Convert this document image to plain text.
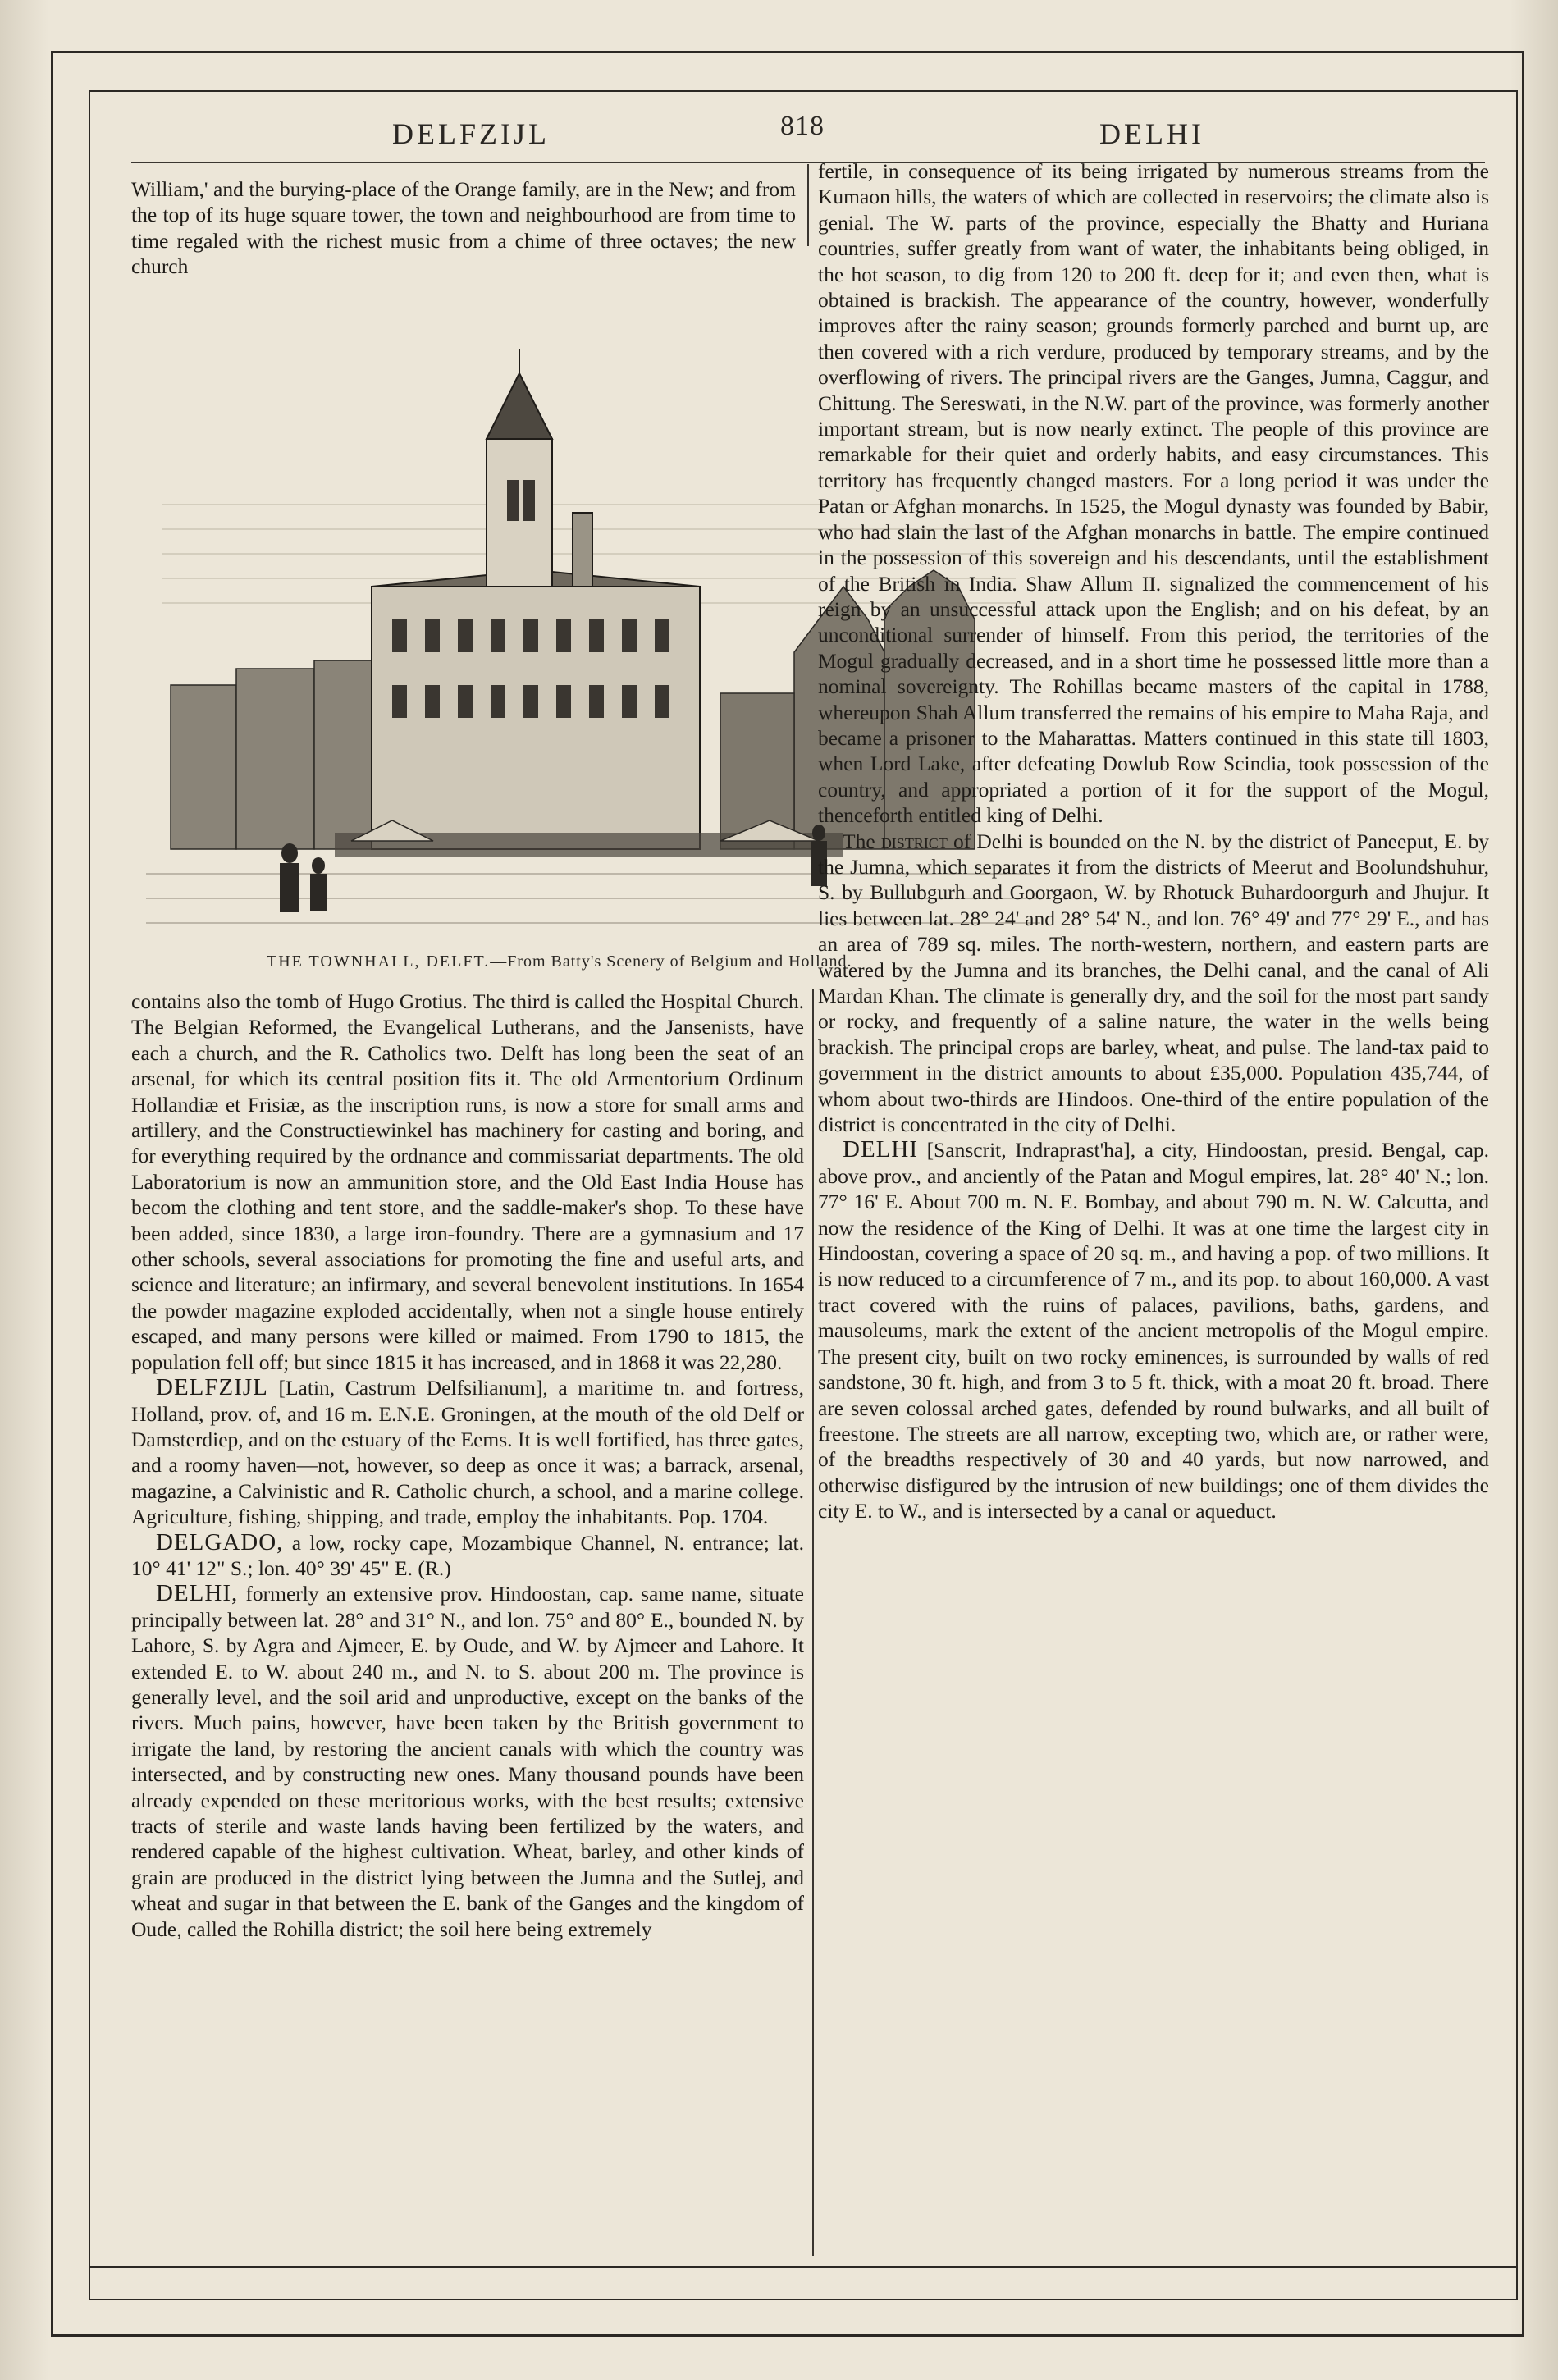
DELFZIJL	818	DELHI

William,' and the burying-place of the Orange family, are in the New; and from the top of its huge square tower, the town and neighbourhood are from time to time regaled with the richest music from a chime of three octaves; the new church

THE TOWNHALL, DELFT.—From Batty's Scenery of Belgium and Holland.

contains also the tomb of Hugo Grotius. The third is called the Hospital Church. The Belgian Reformed, the Evangelical Lutherans, and the Jansenists, have each a church, and the R. Catholics two. Delft has long been the seat of an arsenal, for which its central position fits it. The old Armentorium Ordinum Hollandiæ et Frisiæ, as the inscription runs, is now a store for small arms and artillery, and the Constructiewinkel has machinery for casting and boring, and for everything required by the ordnance and commissariat departments. The old Laboratorium is now an ammunition store, and the Old East India House has becom the clothing and tent store, and the saddle-maker's shop. To these have been added, since 1830, a large iron-foundry. There are a gymnasium and 17 other schools, several associations for promoting the fine and useful arts, and science and literature; an infirmary, and several benevolent institutions. In 1654 the powder magazine exploded accidentally, when not a single house entirely escaped, and many persons were killed or maimed. From 1790 to 1815, the population fell off; but since 1815 it has increased, and in 1868 it was 22,280.

DELFZIJL [Latin, Castrum Delfsilianum], a maritime tn. and fortress, Holland, prov. of, and 16 m. E.N.E. Groningen, at the mouth of the old Delf or Damsterdiep, and on the estuary of the Eems. It is well fortified, has three gates, and a roomy haven—not, however, so deep as once it was; a barrack, arsenal, magazine, a Calvinistic and R. Catholic church, a school, and a marine college. Agriculture, fishing, shipping, and trade, employ the inhabitants. Pop. 1704.

DELGADO, a low, rocky cape, Mozambique Channel, N. entrance; lat. 10° 41' 12" S.; lon. 40° 39' 45" E. (R.)

DELHI, formerly an extensive prov. Hindoostan, cap. same name, situate principally between lat. 28° and 31° N., and lon. 75° and 80° E., bounded N. by Lahore, S. by Agra and Ajmeer, E. by Oude, and W. by Ajmeer and Lahore. It extended E. to W. about 240 m., and N. to S. about 200 m. The province is generally level, and the soil arid and unproductive, except on the banks of the rivers. Much pains, however, have been taken by the British government to irrigate the land, by restoring the ancient canals with which the country was intersected, and by constructing new ones. Many thousand pounds have been already expended on these meritorious works, with the best results; extensive tracts of sterile and waste lands having been fertilized by the waters, and rendered capable of the highest cultivation. Wheat, barley, and other kinds of grain are produced in the district lying between the Jumna and the Sutlej, and wheat and sugar in that between the E. bank of the Ganges and the kingdom of Oude, called the Rohilla district; the soil here being extremely

fertile, in consequence of its being irrigated by numerous streams from the Kumaon hills, the waters of which are collected in reservoirs; the climate also is genial. The W. parts of the province, especially the Bhatty and Huriana countries, suffer greatly from want of water, the inhabitants being obliged, in the hot season, to dig from 120 to 200 ft. deep for it; and even then, what is obtained is brackish. The appearance of the country, however, wonderfully improves after the rainy season; grounds formerly parched and burnt up, are then covered with a rich verdure, produced by temporary streams, and by the overflowing of rivers. The principal rivers are the Ganges, Jumna, Caggur, and Chittung. The Sereswati, in the N.W. part of the province, was formerly another important stream, but is now nearly extinct. The people of this province are remarkable for their quiet and orderly habits, and easy circumstances. This territory has frequently changed masters. For a long period it was under the Patan or Afghan monarchs. In 1525, the Mogul dynasty was founded by Babir, who had slain the last of the Afghan monarchs in battle. The empire continued in the possession of this sovereign and his descendants, until the establishment of the British in India. Shaw Allum II. signalized the commencement of his reign by an unsuccessful attack upon the English; and on his defeat, by an unconditional surrender of himself. From this period, the territories of the Mogul gradually decreased, and in a short time he possessed little more than a nominal sovereignty. The Rohillas became masters of the capital in 1788, whereupon Shah Allum transferred the remains of his empire to Maha Raja, and became a prisoner to the Maharattas. Matters continued in this state till 1803, when Lord Lake, after defeating Dowlub Row Scindia, took possession of the country, and appropriated a portion of it for the support of the Mogul, thenceforth entitled king of Delhi.

The district of Delhi is bounded on the N. by the district of Paneeput, E. by the Jumna, which separates it from the districts of Meerut and Boolundshuhur, S. by Bullubgurh and Goorgaon, W. by Rhotuck Buhardoorgurh and Jhujur. It lies between lat. 28° 24' and 28° 54' N., and lon. 76° 49' and 77° 29' E., and has an area of 789 sq. miles. The north-western, northern, and eastern parts are watered by the Jumna and its branches, the Delhi canal, and the canal of Ali Mardan Khan. The climate is generally dry, and the soil for the most part sandy or rocky, and frequently of a saline nature, the water in the wells being brackish. The principal crops are barley, wheat, and pulse. The land-tax paid to government in the district amounts to about £35,000. Population 435,744, of whom about two-thirds are Hindoos. One-third of the entire population of the district is concentrated in the city of Delhi.

DELHI [Sanscrit, Indraprast'ha], a city, Hindoostan, presid. Bengal, cap. above prov., and anciently of the Patan and Mogul empires, lat. 28° 40' N.; lon. 77° 16' E. About 700 m. N. E. Bombay, and about 790 m. N. W. Calcutta, and now the residence of the King of Delhi. It was at one time the largest city in Hindoostan, covering a space of 20 sq. m., and having a pop. of two millions. It is now reduced to a circumference of 7 m., and its pop. to about 160,000. A vast tract covered with the ruins of palaces, pavilions, baths, gardens, and mausoleums, mark the extent of the ancient metropolis of the Mogul empire. The present city, built on two rocky eminences, is surrounded by walls of red sandstone, 30 ft. high, and from 3 to 5 ft. thick, with a moat 20 ft. broad. There are seven colossal arched gates, defended by round bulwarks, and all built of freestone. The streets are all narrow, excepting two, which are, or rather were, of the breadths respectively of 30 and 40 yards, but now narrowed, and otherwise disfigured by the intrusion of new buildings; one of them divides the city E. to W., and is intersected by a canal or aqueduct.
